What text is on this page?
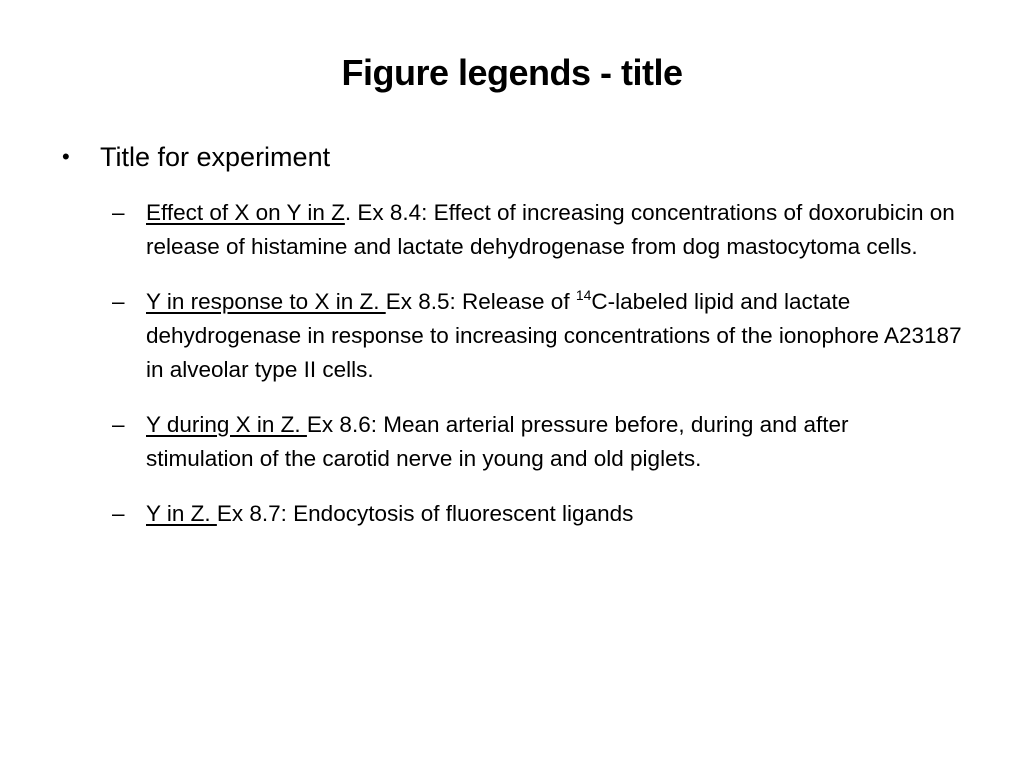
Figure legends - title
•	Title for experiment
– Effect of X on Y in Z. Ex 8.4: Effect of increasing concentrations of doxorubicin on release of histamine and lactate dehydrogenase from dog mastocytoma cells.
– Y in response to X in Z. Ex 8.5: Release of $^{14}$C-labeled lipid and lactate dehydrogenase in response to increasing concentrations of the ionophore A23187 in alveolar type II cells.
– Y during X in Z. Ex 8.6: Mean arterial pressure before, during and after stimulation of the carotid nerve in young and old piglets.
– Y in Z. Ex 8.7: Endocytosis of fluorescent ligands
